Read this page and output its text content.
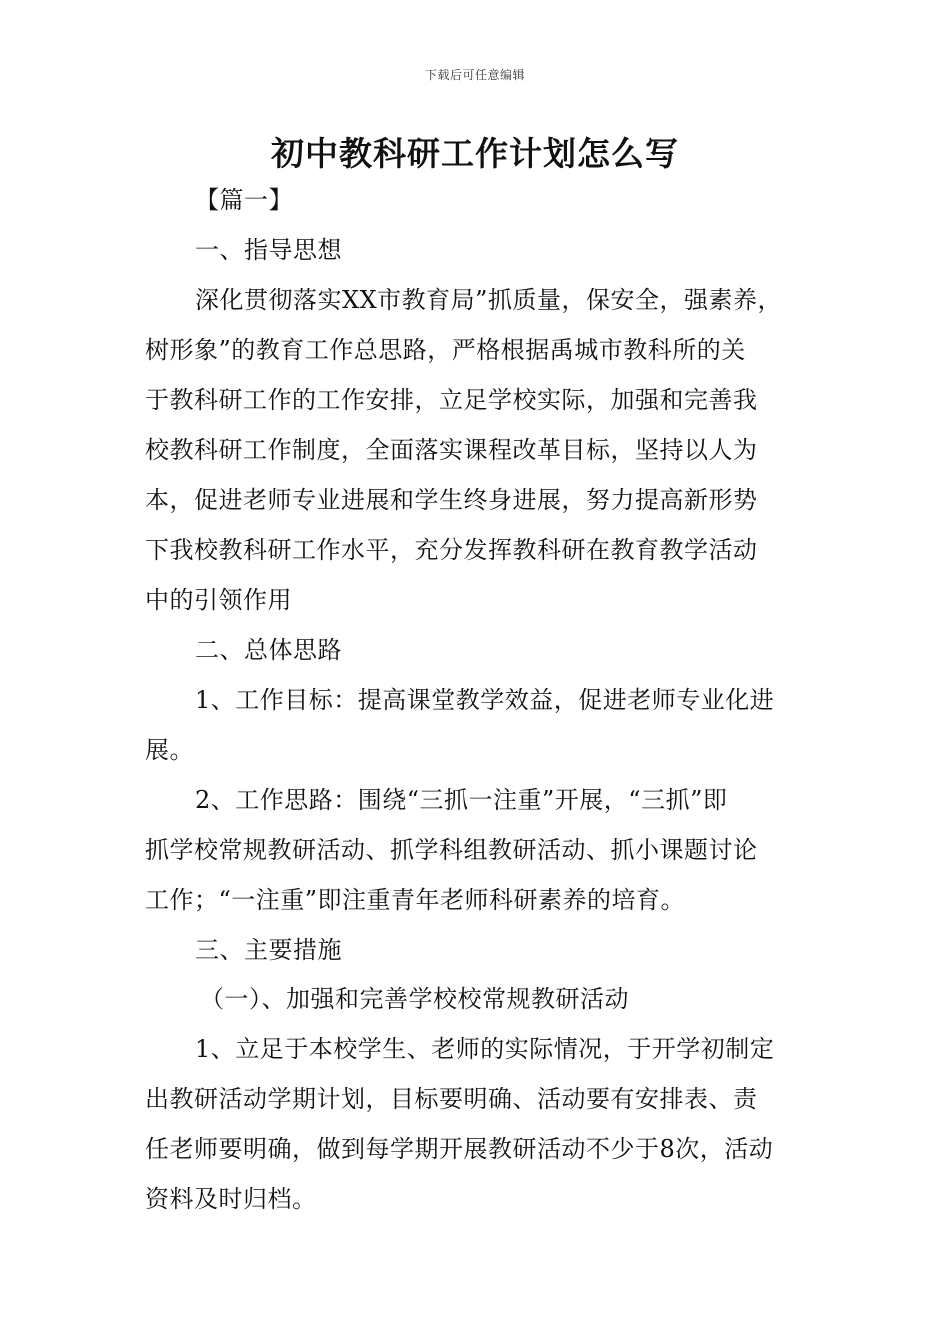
下载后可任意编辑
初中教科研工作计划怎么写
【篇一】
一、指导思想
深化贯彻落实XX市教育局”抓质量，保安全，强素养，
树形象”的教育工作总思路，严格根据禹城市教科所的关
于教科研工作的工作安排，立足学校实际，加强和完善我
校教科研工作制度，全面落实课程改革目标，坚持以人为
本，促进老师专业进展和学生终身进展，努力提高新形势
下我校教科研工作水平，充分发挥教科研在教育教学活动
中的引领作用
二、总体思路
1、工作目标：提高课堂教学效益，促进老师专业化进
展。
2、工作思路：围绕“三抓一注重”开展，“三抓”即
抓学校常规教研活动、抓学科组教研活动、抓小课题讨论
工作；“一注重”即注重青年老师科研素养的培育。
三、主要措施
（一）、加强和完善学校校常规教研活动
1、立足于本校学生、老师的实际情况，于开学初制定
出教研活动学期计划，目标要明确、活动要有安排表、责
任老师要明确，做到每学期开展教研活动不少于8次，活动
资料及时归档。
